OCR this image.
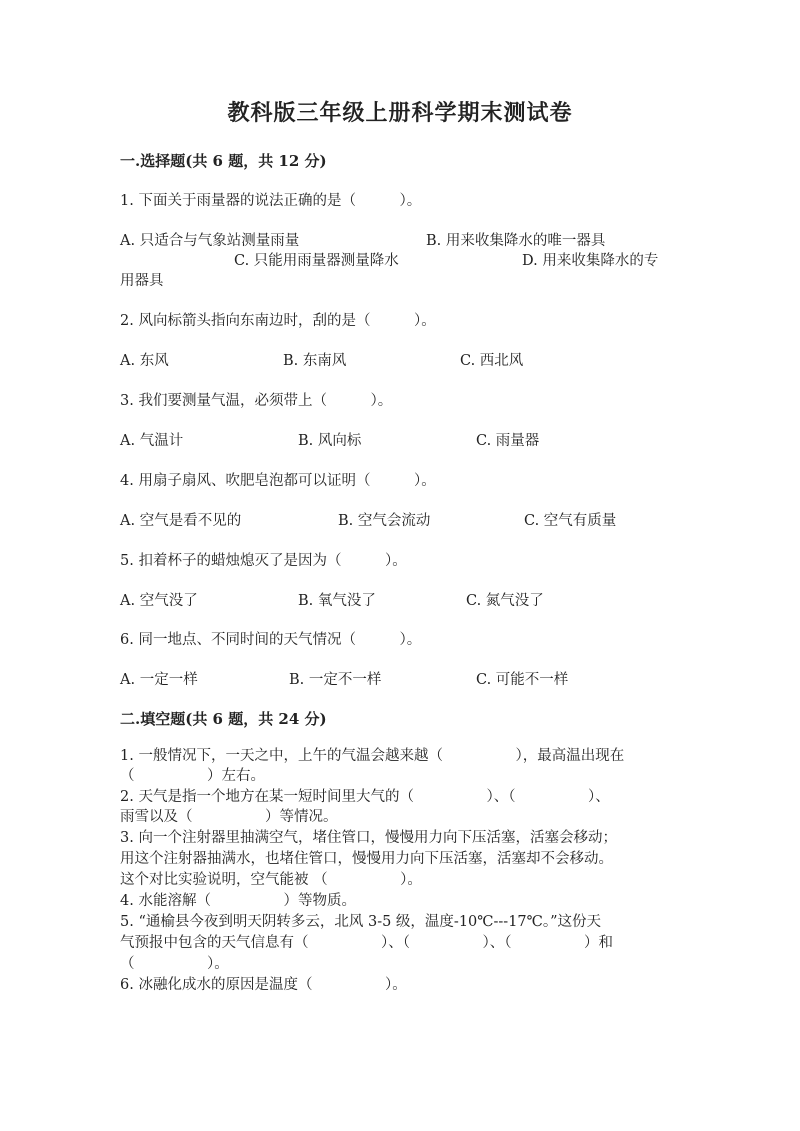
教科版三年级上册科学期末测试卷
一.选择题(共 6 题，共 12 分)
1. 下面关于雨量器的说法正确的是（　　　）。
A. 只适合与气象站测量雨量	B. 用来收集降水的唯一器具
C. 只能用雨量器测量降水	D. 用来收集降水的专
用器具
2. 风向标箭头指向东南边时，刮的是（　　　）。
A. 东风	B. 东南风	C. 西北风
3. 我们要测量气温，必须带上（　　　）。
A. 气温计	B. 风向标	C. 雨量器
4. 用扇子扇风、吹肥皂泡都可以证明（　　　）。
A. 空气是看不见的	B. 空气会流动	C. 空气有质量
5. 扣着杯子的蜡烛熄灭了是因为（　　　）。
A. 空气没了	B. 氧气没了	C. 氮气没了
6. 同一地点、不同时间的天气情况（　　　）。
A. 一定一样	B. 一定不一样	C. 可能不一样
二.填空题(共 6 题，共 24 分)
1. 一般情况下，一天之中，上午的气温会越来越（　　　　　），最高温出现在
（　　　　　）左右。
2. 天气是指一个地方在某一短时间里大气的（　　　　　）、（　　　　　）、
雨雪以及（　　　　　）等情况。
3. 向一个注射器里抽满空气，堵住管口，慢慢用力向下压活塞，活塞会移动；
用这个注射器抽满水，也堵住管口，慢慢用力向下压活塞，活塞却不会移动。
这个对比实验说明，空气能被 （　　　　　）。
4. 水能溶解（　　　　　）等物质。
5. “通榆县今夜到明天阴转多云，北风 3-5 级，温度-10℃---17℃。”这份天
气预报中包含的天气信息有（　　　　　）、（　　　　　）、（　　　　　）和
（　　　　　）。
6. 冰融化成水的原因是温度（　　　　　）。
